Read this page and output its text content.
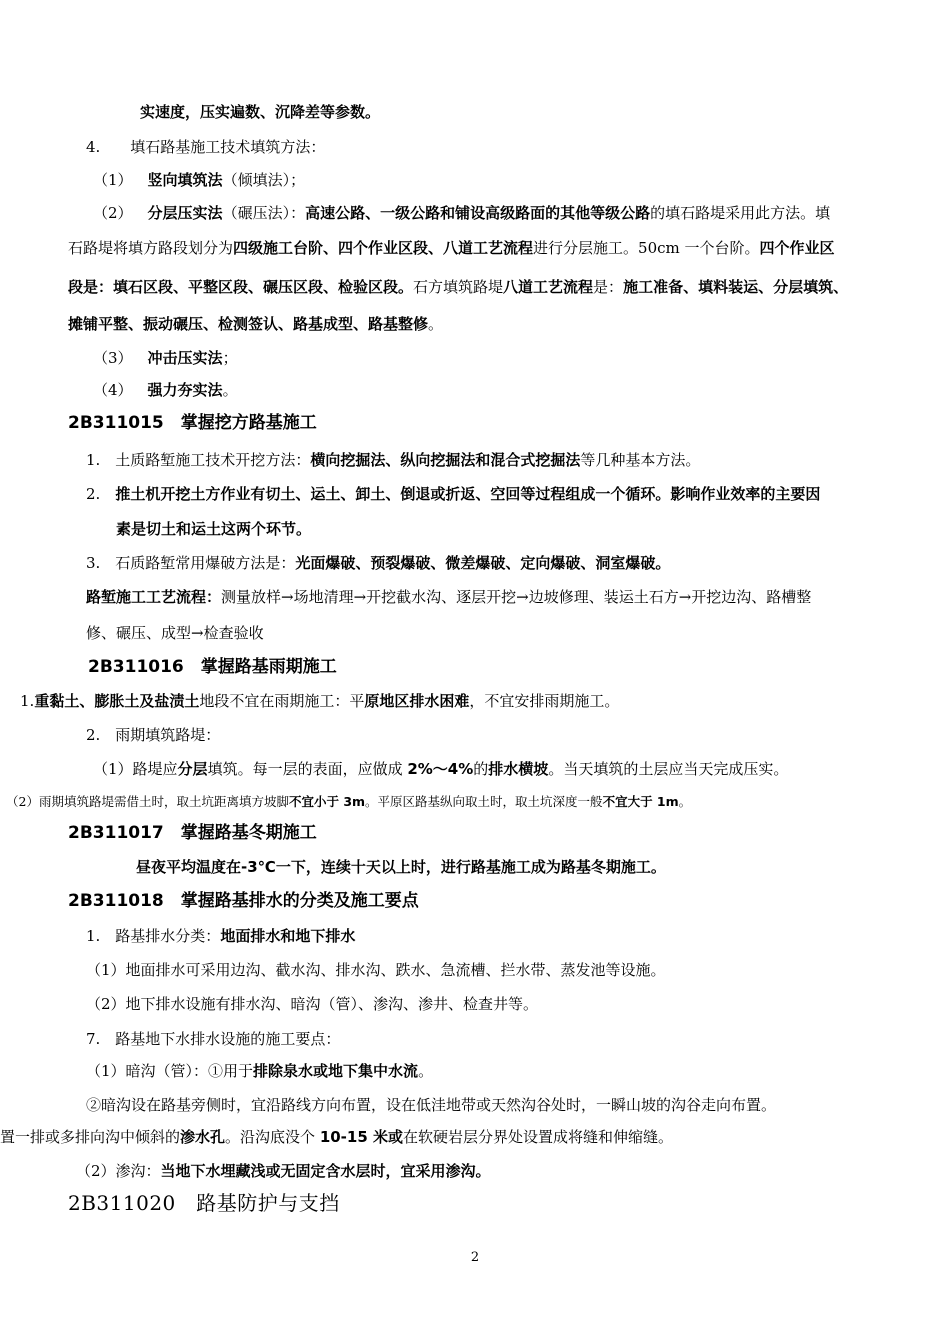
实速度，压实遍数、沉降差等参数。
4.  填石路基施工技术填筑方法：
（1） 竖向填筑法（倾填法）；
（2） 分层压实法（碾压法）：高速公路、一级公路和铺设高级路面的其他等级公路的填石路堤采用此方法。填
石路堤将填方路段划分为四级施工台阶、四个作业区段、八道工艺流程进行分层施工。50cm 一个台阶。四个作业区
段是：填石区段、平整区段、碾压区段、检验区段。石方填筑路堤八道工艺流程是：施工准备、填料装运、分层填筑、
摊铺平整、振动碾压、检测签认、路基成型、路基整修。
（3） 冲击压实法；
（4） 强力夯实法。
2B311015  掌握挖方路基施工
1. 土质路堑施工技术开挖方法：横向挖掘法、纵向挖掘法和混合式挖掘法等几种基本方法。
2. 推土机开挖土方作业有切土、运土、卸土、倒退或折返、空回等过程组成一个循环。影响作业效率的主要因
素是切土和运土这两个环节。
3. 石质路堑常用爆破方法是：光面爆破、预裂爆破、微差爆破、定向爆破、洞室爆破。
路堑施工工艺流程：测量放样→场地清理→开挖截水沟、逐层开挖→边坡修理、装运土石方→开挖边沟、路槽整
修、碾压、成型→检查验收
2B311016  掌握路基雨期施工
1.重黏土、膨胀土及盐渍土地段不宜在雨期施工：平原地区排水困难，不宜安排雨期施工。
2. 雨期填筑路堤：
（1）路堤应分层填筑。每一层的表面，应做成 2%～4%的排水横坡。当天填筑的土层应当天完成压实。
（2）雨期填筑路堤需借土时，取土坑距离填方坡脚不宜小于 3m。平原区路基纵向取土时，取土坑深度一般不宜大于 1m。
2B311017  掌握路基冬期施工
昼夜平均温度在-3℃一下，连续十天以上时，进行路基施工成为路基冬期施工。
2B311018  掌握路基排水的分类及施工要点
1. 路基排水分类：地面排水和地下排水
（1）地面排水可采用边沟、截水沟、排水沟、跌水、急流槽、拦水带、蒸发池等设施。
（2）地下排水设施有排水沟、暗沟（管）、渗沟、渗井、检查井等。
7. 路基地下水排水设施的施工要点：
（1）暗沟（管）：①用于排除泉水或地下集中水流。
②暗沟设在路基旁侧时，宜沿路线方向布置，设在低洼地带或天然沟谷处时，一瞬山坡的沟谷走向布置。
置一排或多排向沟中倾斜的渗水孔。沿沟底没个 10-15 米或在软硬岩层分界处设置成将缝和伸缩缝。
（2）渗沟：当地下水埋藏浅或无固定含水层时，宜采用渗沟。
2B311020  路基防护与支挡
2
